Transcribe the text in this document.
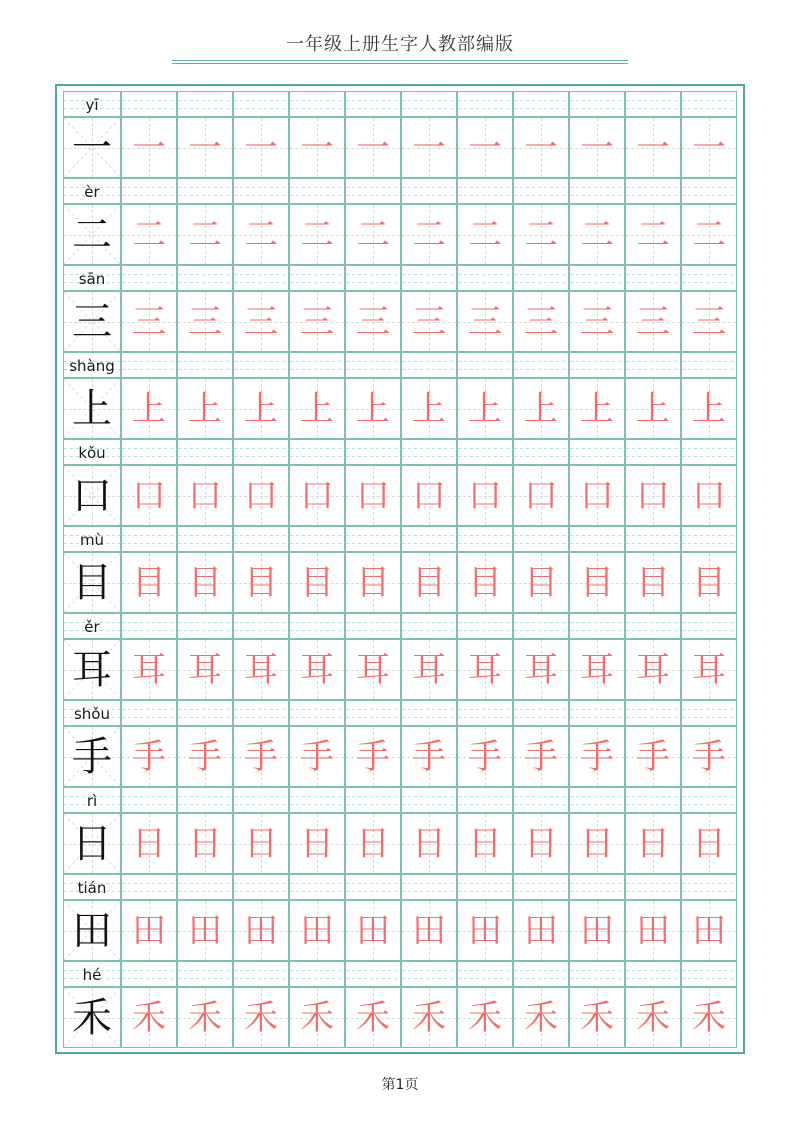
一年级上册生字人教部编版
yī
一 一 一 一 一 一 一 一 一 一 一 一
èr
二 二 二 二 二 二 二 二 二 二 二 二
sān
三 三 三 三 三 三 三 三 三 三 三 三
shàng
上 上 上 上 上 上 上 上 上 上 上 上
kǒu
口 口 口 口 口 口 口 口 口 口 口 口
mù
目 目 目 目 目 目 目 目 目 目 目 目
ěr
耳 耳 耳 耳 耳 耳 耳 耳 耳 耳 耳 耳
shǒu
手 手 手 手 手 手 手 手 手 手 手 手
rì
日 日 日 日 日 日 日 日 日 日 日 日
tián
田 田 田 田 田 田 田 田 田 田 田 田
hé
禾 禾 禾 禾 禾 禾 禾 禾 禾 禾 禾 禾
第1页
